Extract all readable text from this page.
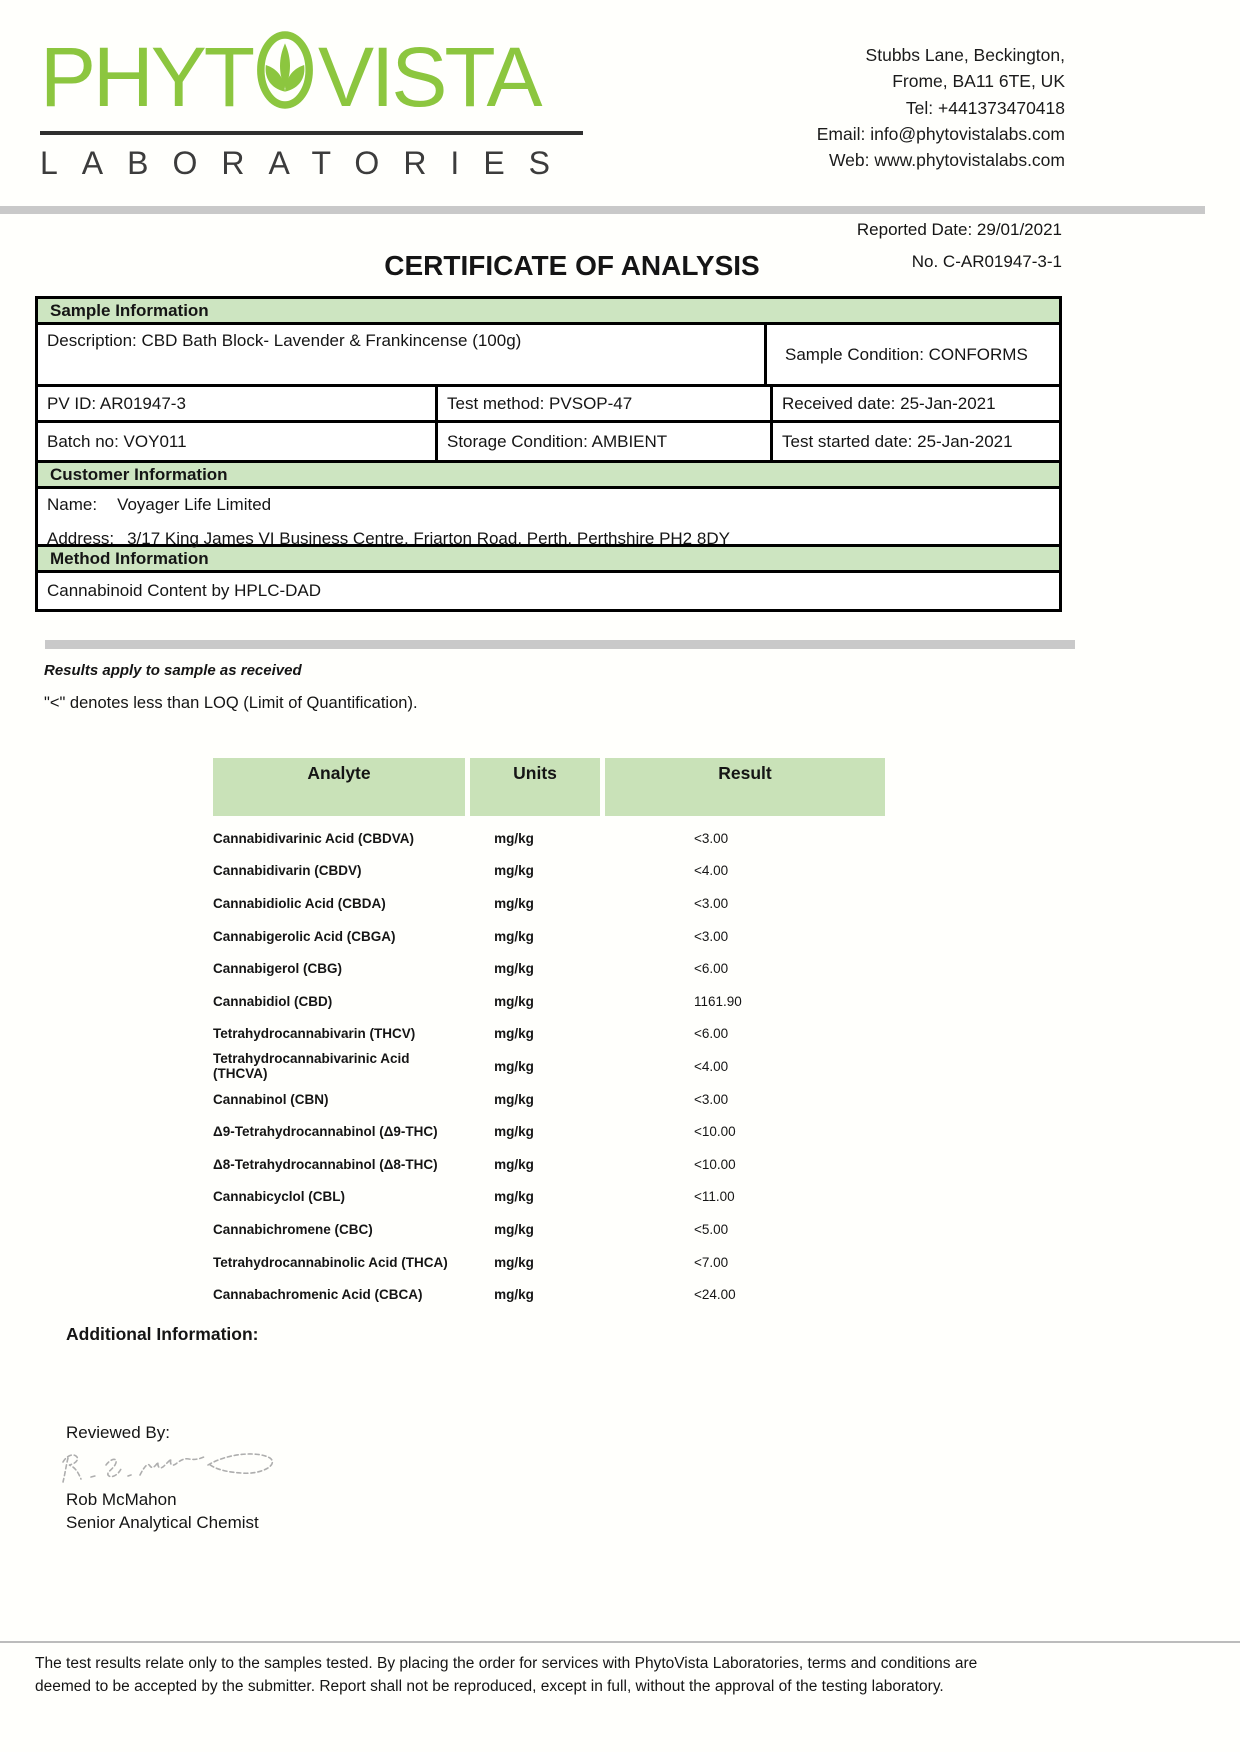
PHYT VISTA
LABORATORIES
Stubbs Lane, Beckington,
Frome, BA11 6TE, UK
Tel: +441373470418
Email: info@phytovistalabs.com
Web: www.phytovistalabs.com
Reported Date: 29/01/2021
CERTIFICATE OF ANALYSIS	No. C-AR01947-3-1
Sample Information
Description: CBD Bath Block- Lavender & Frankincense (100g)
Sample Condition: CONFORMS
PV ID: AR01947-3	Test method: PVSOP-47	Received date: 25-Jan-2021
Batch no: VOY011	Storage Condition: AMBIENT	Test started date: 25-Jan-2021
Customer Information
Name: Voyager Life Limited
Address: 3/17 King James VI Business Centre, Friarton Road, Perth, Perthshire PH2 8DY
Method Information
Cannabinoid Content by HPLC-DAD
Results apply to sample as received
"<" denotes less than LOQ (Limit of Quantification).
Analyte	Units	Result
Cannabidivarinic Acid (CBDVA)	mg/kg	<3.00
Cannabidivarin (CBDV)	mg/kg	<4.00
Cannabidiolic Acid (CBDA)	mg/kg	<3.00
Cannabigerolic Acid (CBGA)	mg/kg	<3.00
Cannabigerol (CBG)	mg/kg	<6.00
Cannabidiol (CBD)	mg/kg	1161.90
Tetrahydrocannabivarin (THCV)	mg/kg	<6.00
Tetrahydrocannabivarinic Acid (THCVA)	mg/kg	<4.00
Cannabinol (CBN)	mg/kg	<3.00
Δ9-Tetrahydrocannabinol (Δ9-THC)	mg/kg	<10.00
Δ8-Tetrahydrocannabinol (Δ8-THC)	mg/kg	<10.00
Cannabicyclol (CBL)	mg/kg	<11.00
Cannabichromene (CBC)	mg/kg	<5.00
Tetrahydrocannabinolic Acid (THCA)	mg/kg	<7.00
Cannabachromenic Acid (CBCA)	mg/kg	<24.00
Additional Information:
Reviewed By:
Rob McMahon
Senior Analytical Chemist
The test results relate only to the samples tested. By placing the order for services with PhytoVista Laboratories, terms and conditions are
deemed to be accepted by the submitter. Report shall not be reproduced, except in full, without the approval of the testing laboratory.
